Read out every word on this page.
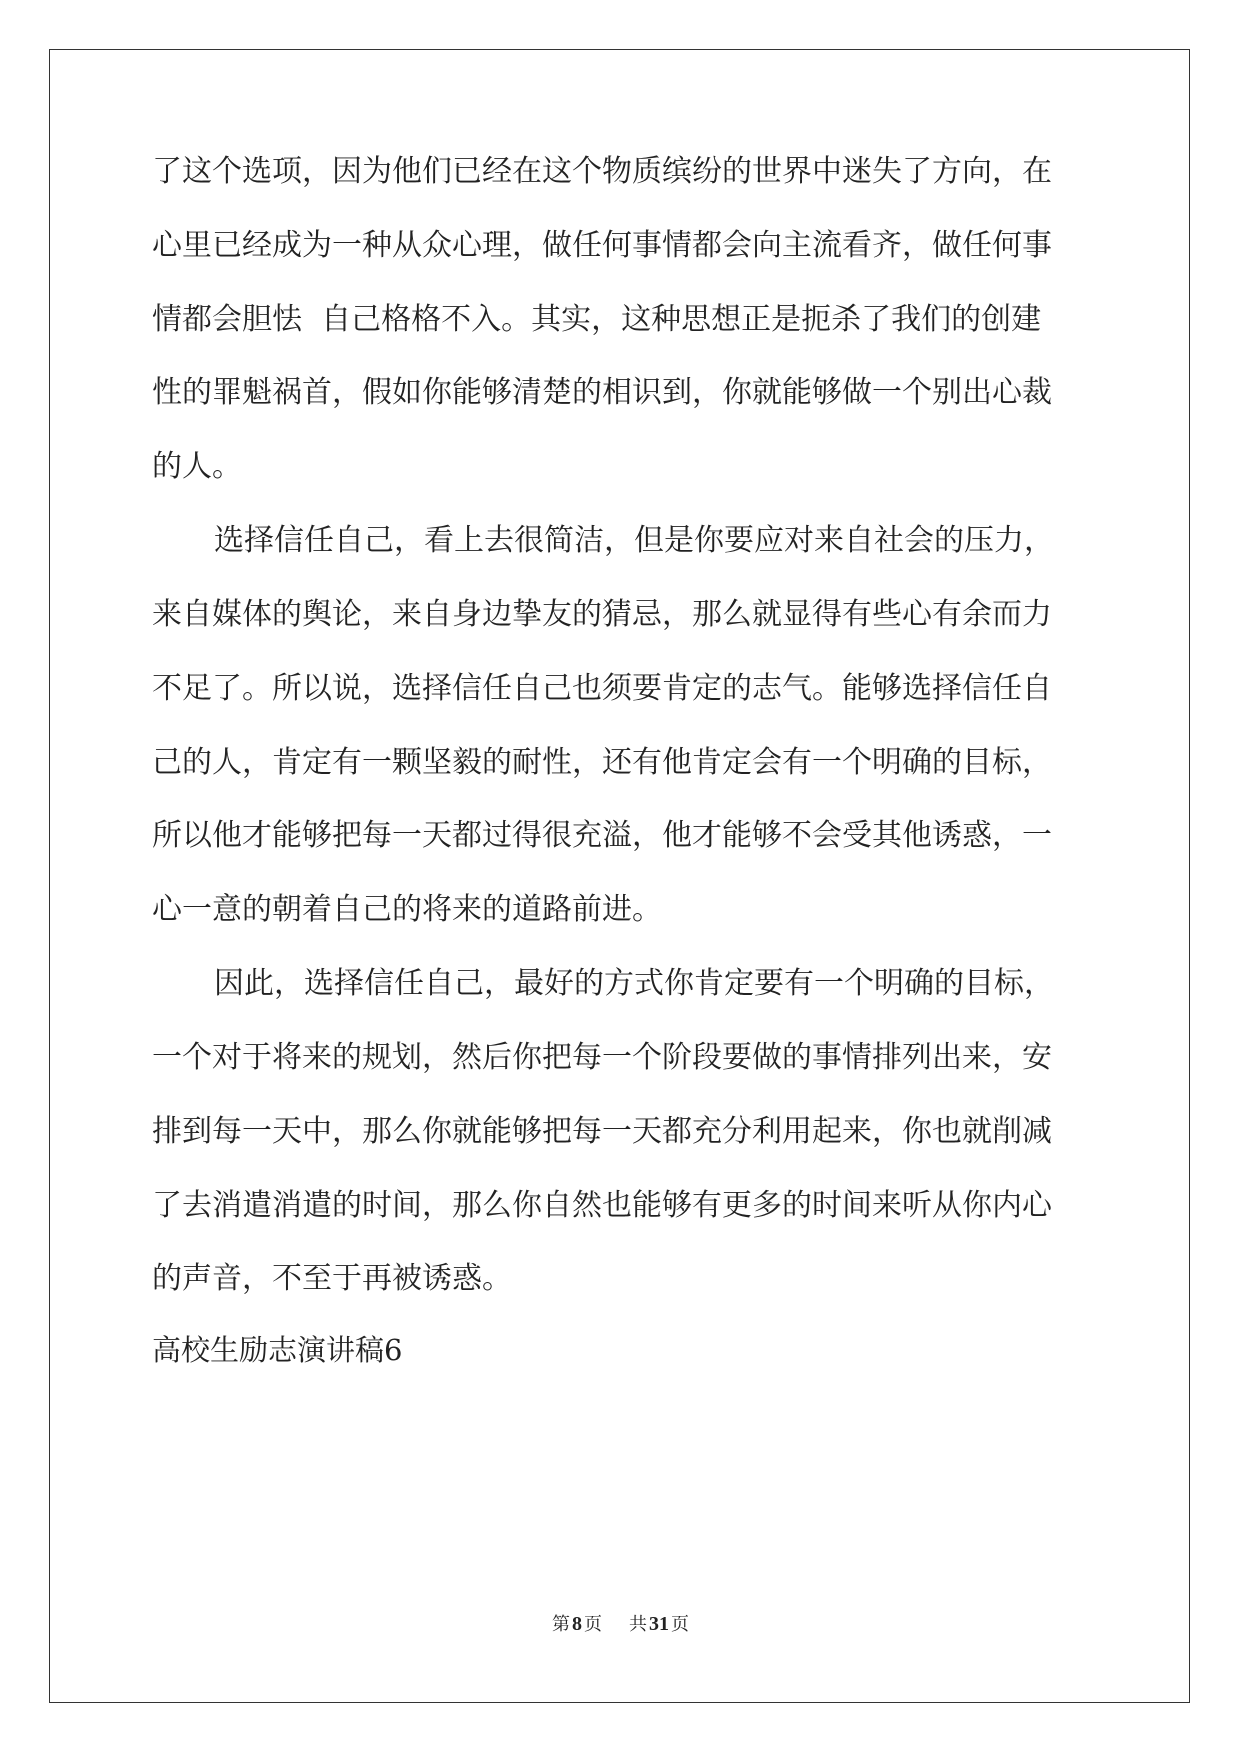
了这个选项，因为他们已经在这个物质缤纷的世界中迷失了方向，在
心里已经成为一种从众心理，做任何事情都会向主流看齐，做任何事
情都会胆怯  自己格格不入。其实，这种思想正是扼杀了我们的创建
性的罪魁祸首，假如你能够清楚的相识到，你就能够做一个别出心裁
的人。
选择信任自己，看上去很简洁，但是你要应对来自社会的压力，
来自媒体的舆论，来自身边挚友的猜忌，那么就显得有些心有余而力
不足了。所以说，选择信任自己也须要肯定的志气。能够选择信任自
己的人，肯定有一颗坚毅的耐性，还有他肯定会有一个明确的目标，
所以他才能够把每一天都过得很充溢，他才能够不会受其他诱惑，一
心一意的朝着自己的将来的道路前进。
因此，选择信任自己，最好的方式你肯定要有一个明确的目标，
一个对于将来的规划，然后你把每一个阶段要做的事情排列出来，安
排到每一天中，那么你就能够把每一天都充分利用起来，你也就削减
了去消遣消遣的时间，那么你自然也能够有更多的时间来听从你内心
的声音，不至于再被诱惑。
高校生励志演讲稿6
第 8 页 共 31 页
